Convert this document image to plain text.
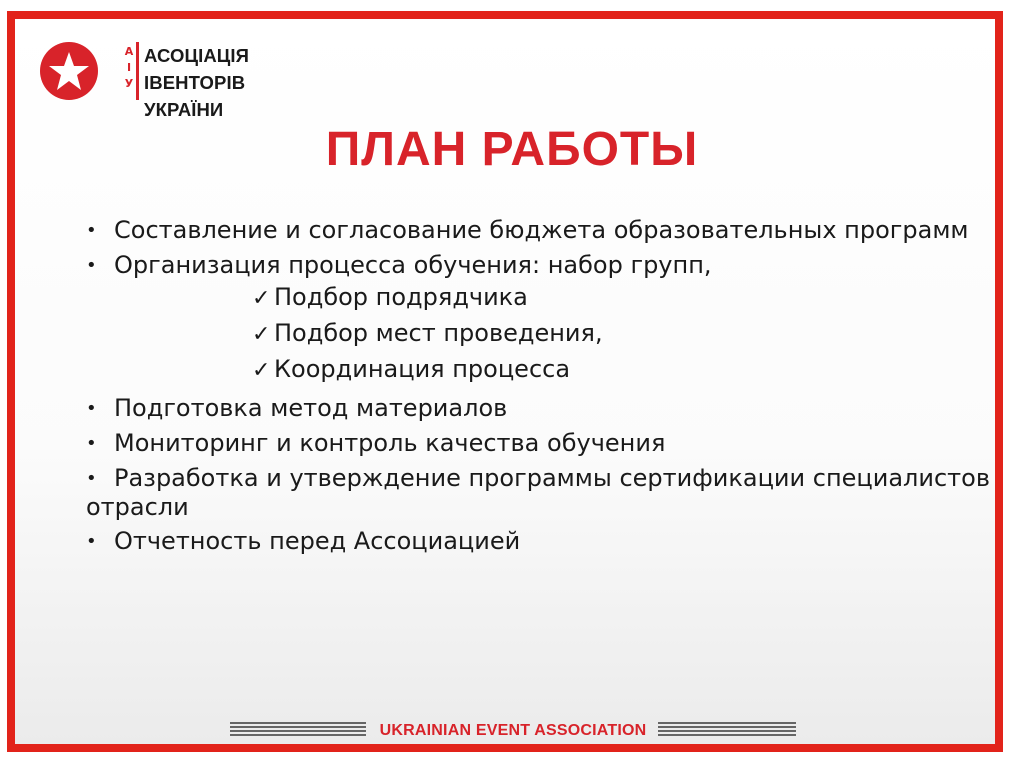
А
І
У
АСОЦІАЦІЯ
ІВЕНТОРІВ УКРАЇНИ
ПЛАН РАБОТЫ
• Составление и согласование бюджета образовательных программ
• Организация процесса обучения: набор групп,
✓ Подбор подрядчика
✓ Подбор мест проведения,
✓ Координация процесса
• Подготовка метод материалов
• Мониторинг и контроль качества обучения
• Разработка и утверждение программы сертификации специалистов отрасли
• Отчетность перед Ассоциацией
UKRAINIAN EVENT ASSOCIATION
